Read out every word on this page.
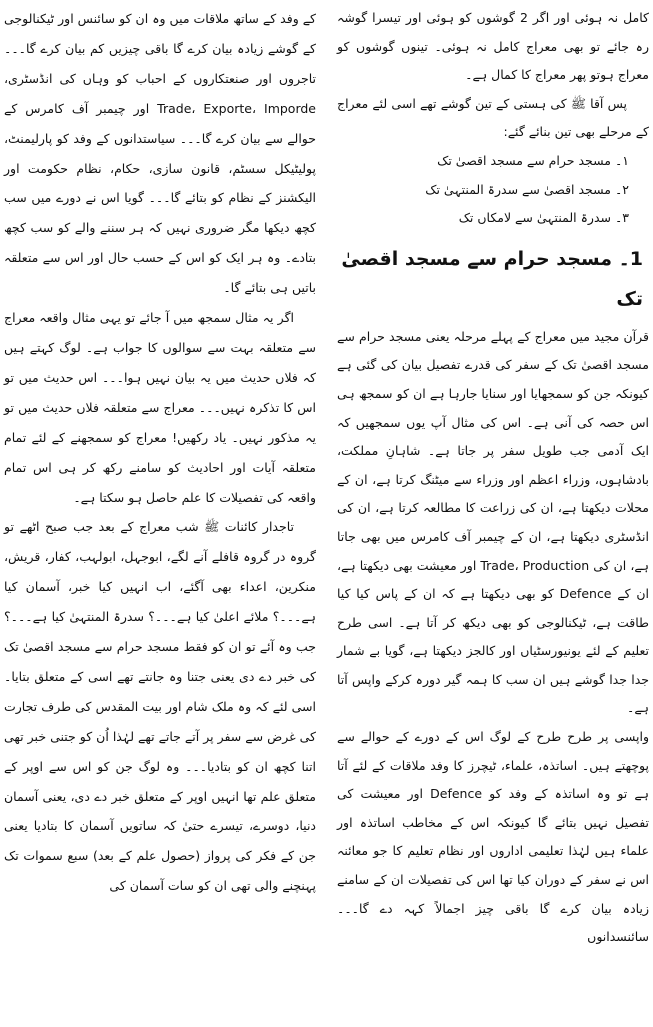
کامل نہ ہوئی اور اگر 2 گوشوں کو ہوئی اور تیسرا گوشہ رہ جائے تو بھی معراج کامل نہ ہوئی۔ تینوں گوشوں کو معراج ہوتو پھر معراج کا کمال ہے۔

پس آقا ﷺ کی ہستی کے تین گوشے تھے اسی لئے معراج کے مرحلے بھی تین بنائے گئے:

۱۔ مسجد حرام سے مسجد اقصیٰ تک
۲۔ مسجد اقصیٰ سے سدرۃ المنتہیٰ تک
۳۔ سدرۃ المنتہیٰ سے لامکاں تک
1۔ مسجد حرام سے مسجد اقصیٰ تک

قرآن مجید میں معراج کے پہلے مرحلہ یعنی مسجد حرام سے مسجد اقصیٰ تک کے سفر کی قدرے تفصیل بیان کی گئی ہے کیونکہ جن کو سمجھایا اور سنایا جارہا ہے ان کو سمجھ ہی اس حصہ کی آنی ہے۔ اس کی مثال آپ یوں سمجھیں کہ ایک آدمی جب طویل سفر پر جاتا ہے۔ شاہانِ مملکت، بادشاہوں، وزراء اعظم اور وزراء سے میٹنگ کرتا ہے، ان کے محلات دیکھتا ہے، ان کی زراعت کا مطالعہ کرتا ہے، ان کی انڈسٹری دیکھتا ہے، ان کے چیمبر آف کامرس میں بھی جاتا ہے، ان کی Trade، Production اور معیشت بھی دیکھتا ہے، ان کے Defence کو بھی دیکھتا ہے کہ ان کے پاس کیا کیا طاقت ہے، ٹیکنالوجی کو بھی دیکھ کر آتا ہے۔ اسی طرح تعلیم کے لئے یونیورسٹیاں اور کالجز دیکھتا ہے، گویا بے شمار جدا جدا گوشے ہیں ان سب کا ہمہ گیر دورہ کرکے واپس آتا ہے۔

واپسی پر طرح طرح کے لوگ اس کے دورے کے حوالے سے پوچھتے ہیں۔ اساتذہ، علماء، ٹیچرز کا وفد ملاقات کے لئے آتا ہے تو وہ اساتذہ کے وفد کو Defence اور معیشت کی تفصیل نہیں بتائے گا کیونکہ اس کے مخاطب اساتذہ اور علماء ہیں لہٰذا تعلیمی اداروں اور نظام تعلیم کا جو معائنہ اس نے سفر کے دوران کیا تھا اس کی تفصیلات ان کے سامنے زیادہ بیان کرے گا باقی چیز اجمالاً کہہ دے گا۔۔۔ سائنسدانوں

کے وفد کے ساتھ ملاقات میں وہ ان کو سائنس اور ٹیکنالوجی کے گوشے زیادہ بیان کرے گا باقی چیزیں کم بیان کرے گا۔۔۔ تاجروں اور صنعتکاروں کے احباب کو وہاں کی انڈسٹری، Trade، Exporte، Imporde اور چیمبر آف کامرس کے حوالے سے بیان کرے گا۔۔۔ سیاستدانوں کے وفد کو پارلیمنٹ، پولیٹیکل سسٹم، قانون سازی، حکام، نظام حکومت اور الیکشنز کے نظام کو بتائے گا۔۔۔ گویا اس نے دورے میں سب کچھ دیکھا مگر ضروری نہیں کہ ہر سننے والے کو سب کچھ بتادے۔ وہ ہر ایک کو اس کے حسب حال اور اس سے متعلقہ باتیں ہی بتائے گا۔

اگر یہ مثال سمجھ میں آ جائے تو یہی مثال واقعہ معراج سے متعلقہ بہت سے سوالوں کا جواب ہے۔ لوگ کہتے ہیں کہ فلاں حدیث میں یہ بیان نہیں ہوا۔۔۔ اس حدیث میں تو اس کا تذکرہ نہیں۔۔۔ معراج سے متعلقہ فلاں حدیث میں تو یہ مذکور نہیں۔ یاد رکھیں! معراج کو سمجھنے کے لئے تمام متعلقہ آیات اور احادیث کو سامنے رکھ کر ہی اس تمام واقعہ کی تفصیلات کا علم حاصل ہو سکتا ہے۔

تاجدار کائنات ﷺ شب معراج کے بعد جب صبح اٹھے تو گروہ در گروہ قافلے آنے لگے، ابوجہل، ابولہب، کفار، قریش، منکرین، اعداء بھی آگئے، اب انہیں کیا خبر، آسمان کیا ہے۔۔۔؟ ملائے اعلیٰ کیا ہے۔۔۔؟ سدرۃ المنتہیٰ کیا ہے۔۔۔؟ جب وہ آئے تو ان کو فقط مسجد حرام سے مسجد اقصیٰ تک کی خبر دے دی یعنی جتنا وہ جانتے تھے اسی کے متعلق بتایا۔ اسی لئے کہ وہ ملک شام اور بیت المقدس کی طرف تجارت کی غرض سے سفر پر آتے جاتے تھے لہٰذا اُن کو جتنی خبر تھی اتنا کچھ ان کو بتادیا۔۔۔ وہ لوگ جن کو اس سے اوپر کے متعلق علم تھا انہیں اوپر کے متعلق خبر دے دی، یعنی آسمان دنیا، دوسرے، تیسرے حتیٰ کہ ساتویں آسمان کا بتادیا یعنی جن کے فکر کی پرواز (حصول علم کے بعد) سبع سموات تک پہنچنے والی تھی ان کو سات آسمان کی
